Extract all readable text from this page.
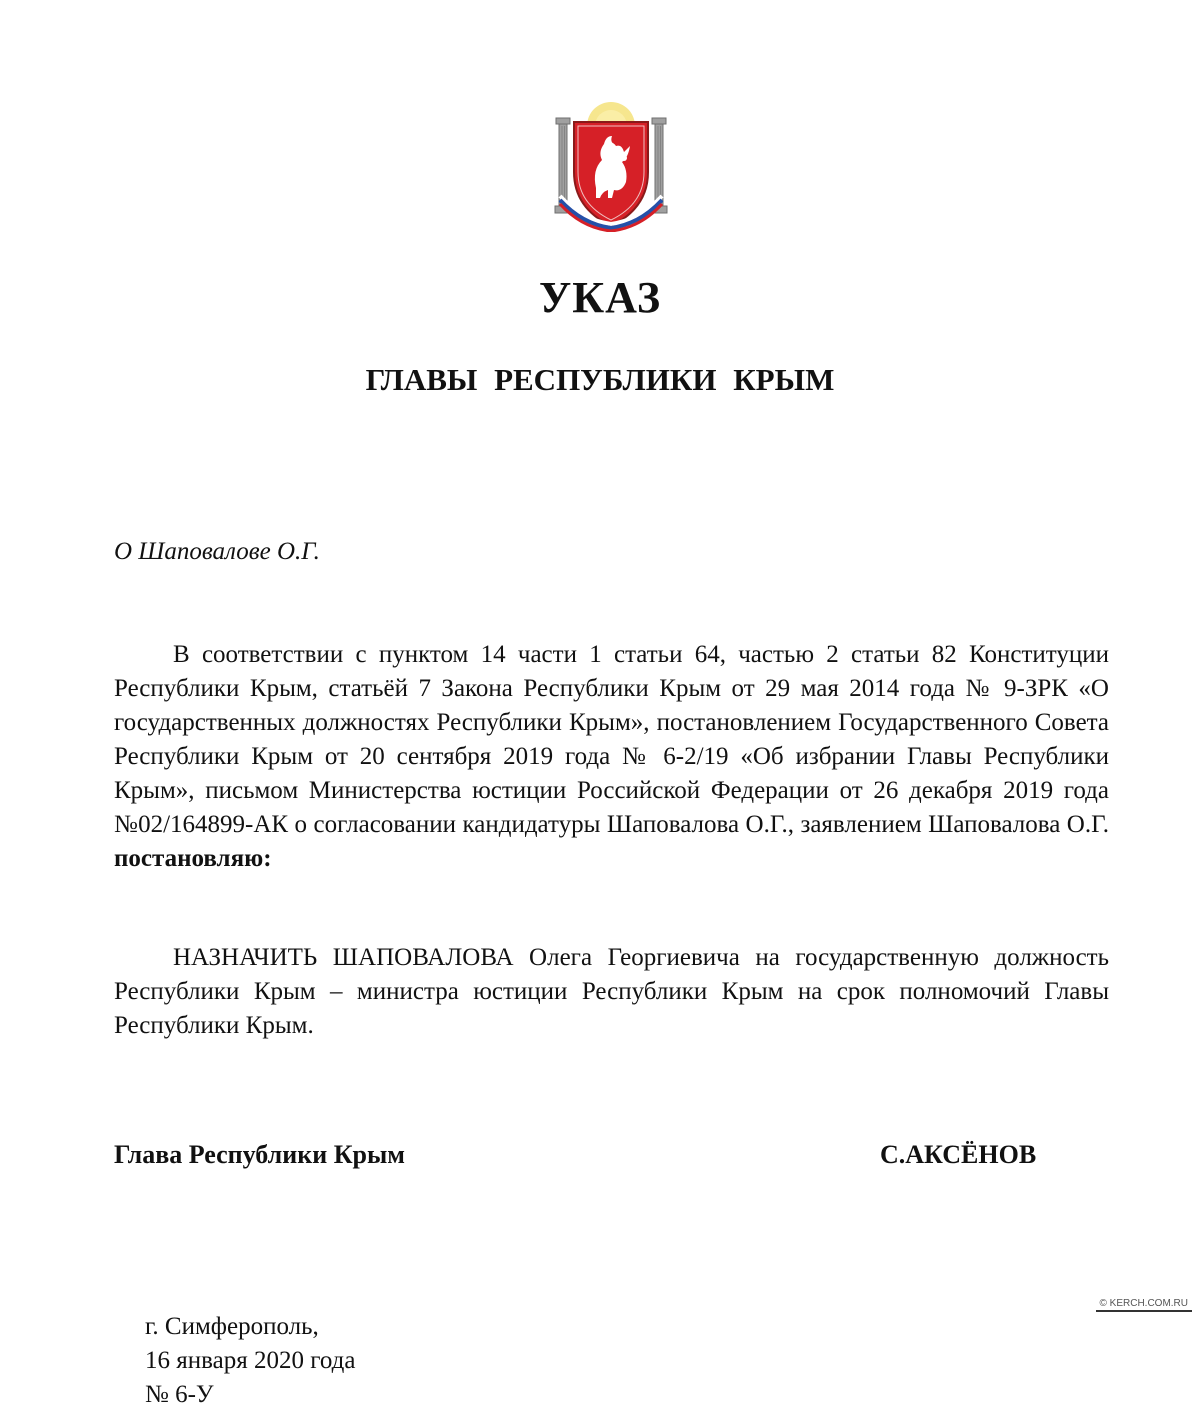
УКАЗ
ГЛАВЫ РЕСПУБЛИКИ КРЫМ

О Шаповалове О.Г.

В соответствии с пунктом 14 части 1 статьи 64, частью 2 статьи 82 Конституции Республики Крым, статьёй 7 Закона Республики Крым от 29 мая 2014 года № 9-ЗРК «О государственных должностях Республики Крым», постановлением Государственного Совета Республики Крым от 20 сентября 2019 года № 6-2/19 «Об избрании Главы Республики Крым», письмом Министерства юстиции Российской Федерации от 26 декабря 2019 года №02/164899-АК о согласовании кандидатуры Шаповалова О.Г., заявлением Шаповалова О.Г. постановляю:

НАЗНАЧИТЬ ШАПОВАЛОВА Олега Георгиевича на государственную должность Республики Крым – министра юстиции Республики Крым на срок полномочий Главы Республики Крым.

Глава Республики Крым	С.АКСЁНОВ

г. Симферополь,
16 января 2020 года
№ 6-У
© KERCH.COM.RU
